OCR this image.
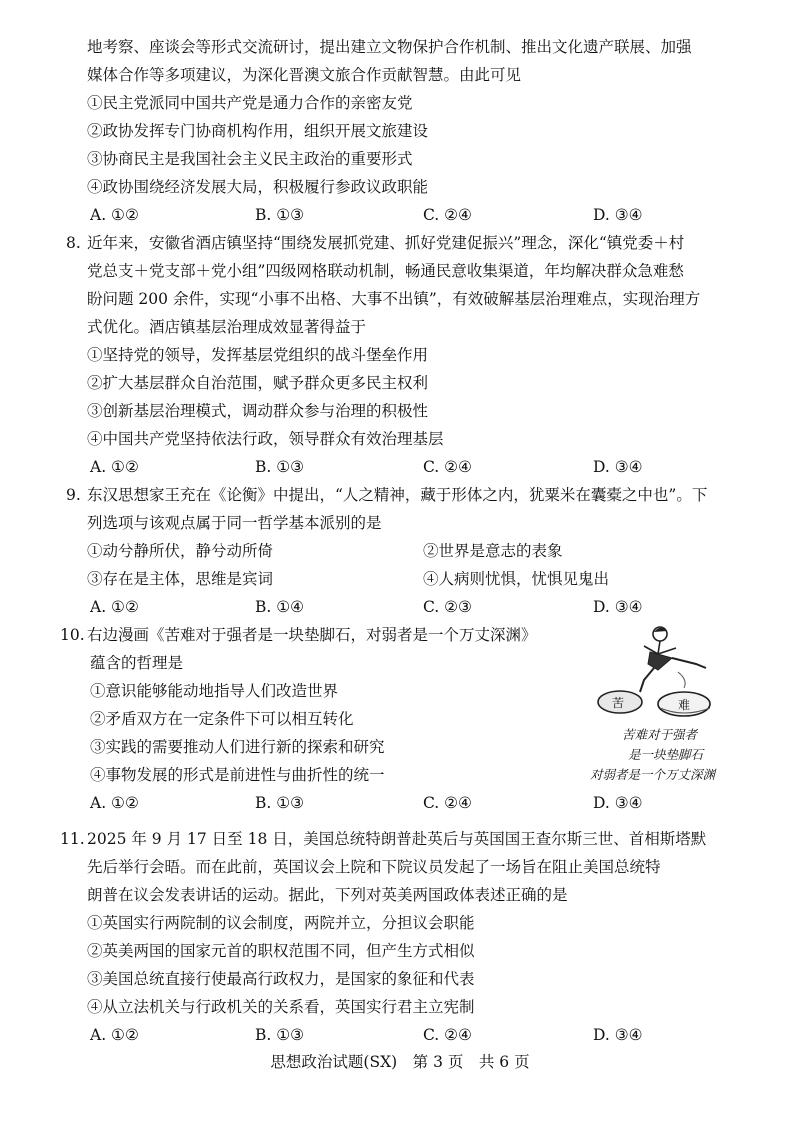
地考察、座谈会等形式交流研讨，提出建立文物保护合作机制、推出文化遗产联展、加强
媒体合作等多项建议，为深化晋澳文旅合作贡献智慧。由此可见
①民主党派同中国共产党是通力合作的亲密友党
②政协发挥专门协商机构作用，组织开展文旅建设
③协商民主是我国社会主义民主政治的重要形式
④政协围绕经济发展大局，积极履行参政议政职能
A. ①②	B. ①③	C. ②④	D. ③④
8. 近年来，安徽省酒店镇坚持“围绕发展抓党建、抓好党建促振兴”理念，深化“镇党委＋村
党总支＋党支部＋党小组”四级网格联动机制，畅通民意收集渠道，年均解决群众急难愁
盼问题 200 余件，实现“小事不出格、大事不出镇”，有效破解基层治理难点，实现治理方
式优化。酒店镇基层治理成效显著得益于
①坚持党的领导，发挥基层党组织的战斗堡垒作用
②扩大基层群众自治范围，赋予群众更多民主权利
③创新基层治理模式，调动群众参与治理的积极性
④中国共产党坚持依法行政，领导群众有效治理基层
A. ①②	B. ①③	C. ②④	D. ③④
9. 东汉思想家王充在《论衡》中提出，“人之精神，藏于形体之内，犹粟米在囊橐之中也”。下
列选项与该观点属于同一哲学基本派别的是
①动兮静所伏，静兮动所倚	②世界是意志的表象
③存在是主体，思维是宾词	④人病则忧惧，忧惧见鬼出
A. ①②	B. ①④	C. ②③	D. ③④
10. 右边漫画《苦难对于强者是一块垫脚石，对弱者是一个万丈深渊》
蕴含的哲理是
①意识能够能动地指导人们改造世界
②矛盾双方在一定条件下可以相互转化
③实践的需要推动人们进行新的探索和研究
④事物发展的形式是前进性与曲折性的统一
A. ①②	B. ①③	C. ②④	D. ③④
苦	难
苦难对于强者
是一块垫脚石
对弱者是一个万丈深渊
11. 2025 年 9 月 17 日至 18 日，美国总统特朗普赴英后与英国国王查尔斯三世、首相斯塔默
先后举行会晤。而在此前，英国议会上院和下院议员发起了一场旨在阻止美国总统特
朗普在议会发表讲话的运动。据此，下列对英美两国政体表述正确的是
①英国实行两院制的议会制度，两院并立，分担议会职能
②英美两国的国家元首的职权范围不同，但产生方式相似
③美国总统直接行使最高行政权力，是国家的象征和代表
④从立法机关与行政机关的关系看，英国实行君主立宪制
A. ①②	B. ①③	C. ②④	D. ③④
思想政治试题(SX)　第 3 页　共 6 页
